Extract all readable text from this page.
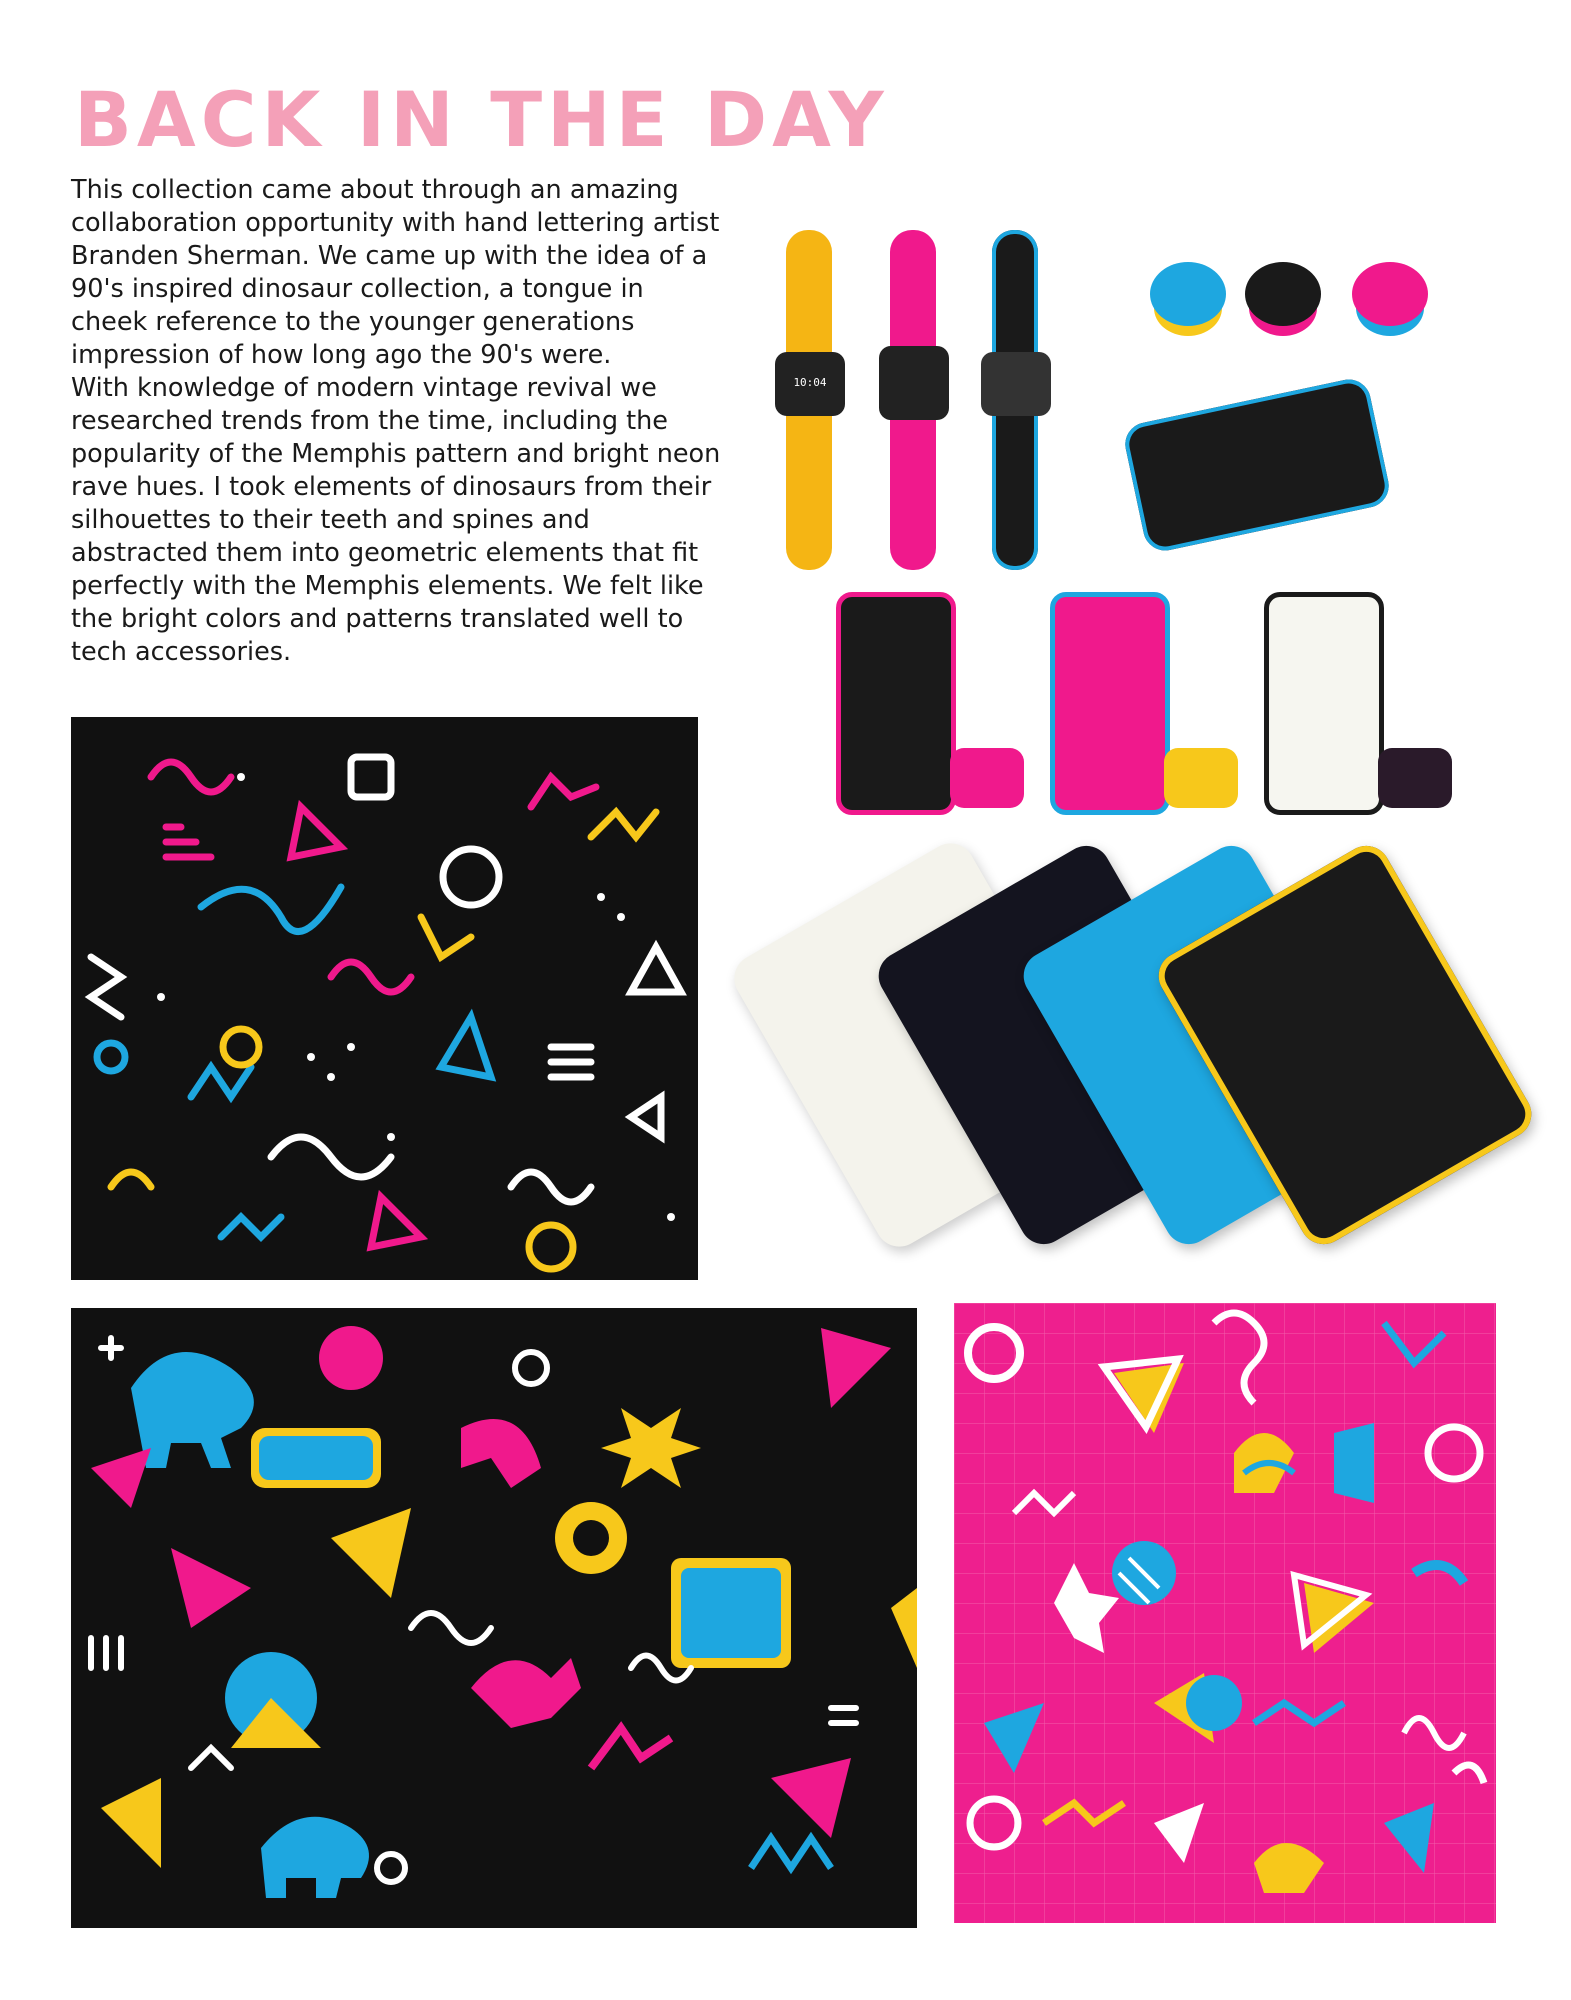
BACK IN THE DAY

This collection came about through an amazing collaboration opportunity with hand lettering artist Branden Sherman. We came up with the idea of a 90's inspired dinosaur collection, a tongue in cheek reference to the younger generations impression of how long ago the 90's were.

With knowledge of modern vintage revival we researched trends from the time, including the popularity of the Memphis pattern and bright neon rave hues. I took elements of dinosaurs from their silhouettes to their teeth and spines and abstracted them into geometric elements that fit perfectly with the Memphis elements. We felt like the bright colors and patterns translated well to tech accessories.

10:04
